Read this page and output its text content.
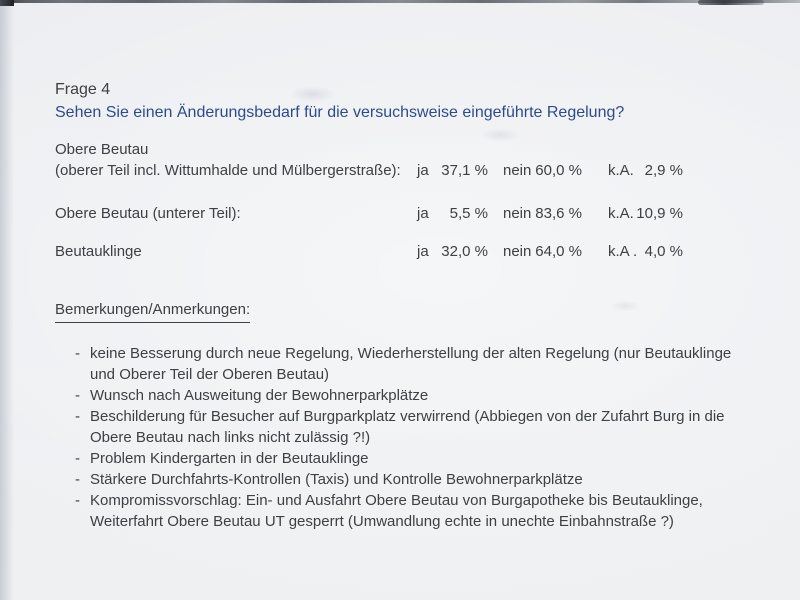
Frage 4
Sehen Sie einen Änderungsbedarf für die versuchsweise eingeführte Regelung?
Obere Beutau
(oberer Teil incl. Wittumhalde und Mülbergerstraße): ja 37,1 % nein 60,0 % k.A. 2,9 %
Obere Beutau (unterer Teil):	ja	5,5 % nein 83,6 % k.A. 10,9 %
Beutauklinge	ja 32,0 % nein 64,0 % k.A . 4,0 %
Bemerkungen/Anmerkungen:
- keine Besserung durch neue Regelung, Wiederherstellung der alten Regelung (nur Beutauklinge und Oberer Teil der Oberen Beutau)
- Wunsch nach Ausweitung der Bewohnerparkplätze
- Beschilderung für Besucher auf Burgparkplatz verwirrend (Abbiegen von der Zufahrt Burg in die Obere Beutau nach links nicht zulässig ?!)
- Problem Kindergarten in der Beutauklinge
- Stärkere Durchfahrts-Kontrollen (Taxis) und Kontrolle Bewohnerparkplätze
- Kompromissvorschlag: Ein- und Ausfahrt Obere Beutau von Burgapotheke bis Beutauklinge, Weiterfahrt Obere Beutau UT gesperrt (Umwandlung echte in unechte Einbahnstraße ?)
